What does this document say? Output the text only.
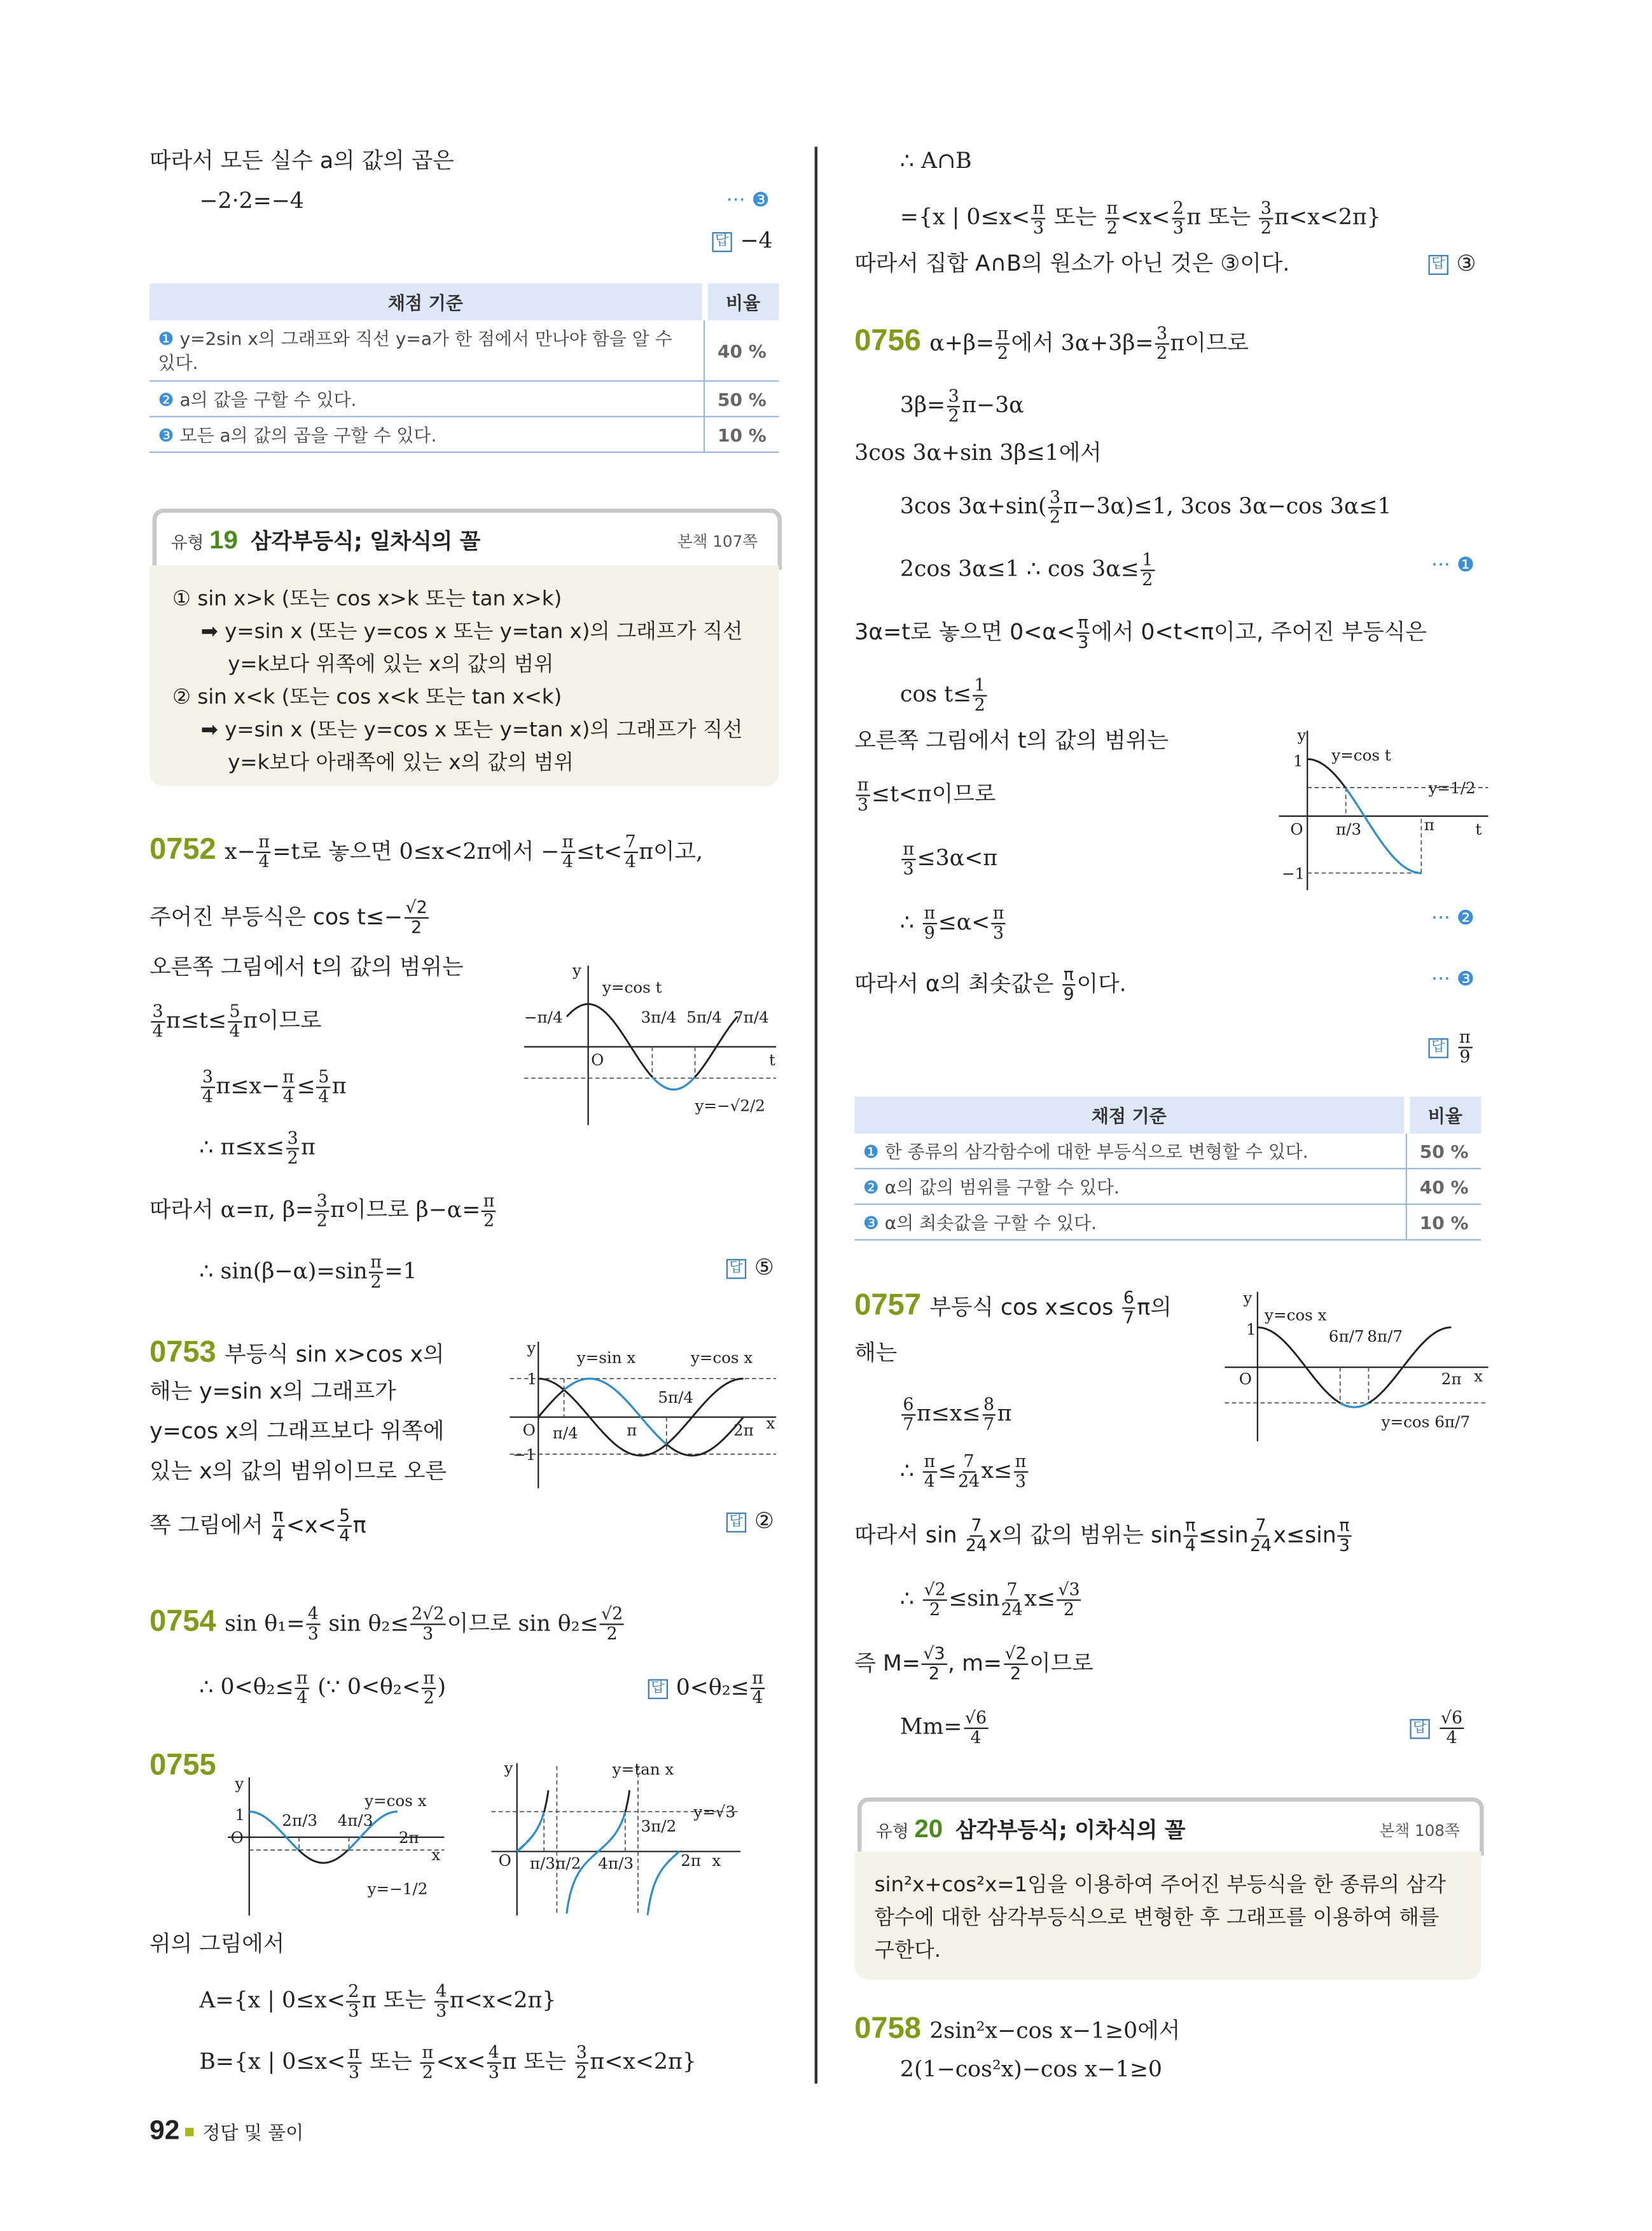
따라서 모든 실수 a의 값의 곱은
−2·2=−4	··· ❸
답 −4
채점 기준	비율
❶ y=2sin x의 그래프와 직선 y=a가 한 점에서 만나야 함을 알 수 있다.	40 %
❷ a의 값을 구할 수 있다.	50 %
❸ 모든 a의 값의 곱을 구할 수 있다.	10 %
유형 19 삼각부등식; 일차식의 꼴	본책 107쪽
① sin x>k (또는 cos x>k 또는 tan x>k)
➡ y=sin x (또는 y=cos x 또는 y=tan x)의 그래프가 직선
y=k보다 위쪽에 있는 x의 값의 범위
② sin x<k (또는 cos x<k 또는 tan x<k)
➡ y=sin x (또는 y=cos x 또는 y=tan x)의 그래프가 직선
y=k보다 아래쪽에 있는 x의 값의 범위
0752 $x- \frac{\pi}{4} =t$로 놓으면 0≤x<2π에서 − $\frac{\pi}{4} \le t< \frac{7}{4}$ π이고,
주어진 부등식은 $\cos t\le- \frac{√2}{2}$
오른쪽 그림에서 t의 값의 범위는
$\frac{3}{4} \pi\le t\le \frac{5}{4}$ π이므로
$\frac{3}{4} \pi\le x- \frac{\pi}{4} \le \frac{5}{4}$ π
∴ $\pi\le x\le \frac{3}{2}$ π
따라서 α=π, $\beta= \frac{3}{2}$ π이므로 $\beta-\alpha= \frac{\pi}{2}$
∴ $\sin(\beta-\alpha)=\sin \frac{\pi}{2} =1$	답 ⑤
0753 부등식 sin x>cos x의
해는 y=sin x의 그래프가
y=cos x의 그래프보다 위쪽에
있는 x의 값의 범위이므로 오른
쪽 그림에서 $\frac{\pi}{4} <x< \frac{5}{4}$ π	답 ②
0754 $\sin \theta_1= \frac{4}{3}$ $\sin \theta_2\le \frac{2√2}{3}$ 이므로 $\sin \theta_2\le \frac{√2}{2}$
∴ $0<\theta_2\le \frac{\pi}{4}$ (∵ $0<\theta_2< \frac{\pi}{2}$ )	답 $0<\theta_2\le \frac{\pi}{4}$
0755
위의 그림에서
A={x | $0\le x< \frac{2}{3}$ π 또는 $\frac{4}{3} \pi<x<2\pi$}
B={x | $0\le x< \frac{\pi}{3}$ 또는 $\frac{\pi}{2} <x< \frac{4}{3}$ π 또는 $\frac{3}{2} \pi<x<2\pi$}
92	정답 및 풀이
∴ A∩B
={x | $0\le x< \frac{\pi}{3}$ 또는 $\frac{\pi}{2} <x< \frac{2}{3}$ π 또는 $\frac{3}{2} \pi<x<2\pi$}
따라서 집합 A∩B의 원소가 아닌 것은 ③이다.	답 ③
0756 $\alpha+\beta= \frac{\pi}{2}$ 에서 $3\alpha+3\beta= \frac{3}{2}$ π이므로
$3\beta= \frac{3}{2} \pi-3\alpha$
3cos 3α+sin 3β≤1에서
3cos $3\alpha+\sin( \frac{3}{2} \pi-3\alpha)\le 1$, 3cos 3α−cos 3α≤1
2cos 3α≤1 ∴ $\cos 3\alpha\le \frac{1}{2}$	··· ❶
3α=t로 놓으면 $0<\alpha< \frac{\pi}{3}$ 에서 0<t<π이고, 주어진 부등식은
$\cos t\le \frac{1}{2}$
오른쪽 그림에서 t의 값의 범위는
$\frac{\pi}{3} \le t<\pi$이므로
$\frac{\pi}{3} \le 3\alpha<\pi$
∴ $\frac{\pi}{9} \le\alpha< \frac{\pi}{3}$	··· ❷
따라서 α의 최솟값은 $\frac{\pi}{9}$ 이다.	··· ❸
답 $\frac{\pi}{9}$
채점 기준	비율
❶ 한 종류의 삼각함수에 대한 부등식으로 변형할 수 있다.	50 %
❷ α의 값의 범위를 구할 수 있다.	40 %
❸ α의 최솟값을 구할 수 있다.	10 %
0757 부등식 $\cos x\le\cos \frac{6}{7}$ π의
해는
$\frac{6}{7} \pi\le x\le \frac{8}{7}$ π
∴ $\frac{\pi}{4} \le \frac{7}{24} x\le \frac{\pi}{3}$
따라서 $\sin \frac{7}{24}$ x의 값의 범위는 $\sin \frac{\pi}{4} \le\sin \frac{7}{24} x\le\sin \frac{\pi}{3}$
∴ $\frac{√2}{2} \le\sin \frac{7}{24} x\le \frac{√3}{2}$
즉 $M= \frac{√3}{2}$ , $m= \frac{√2}{2}$ 이므로
$Mm= \frac{√6}{4}$	답 $\frac{√6}{4}$
유형 20 삼각부등식; 이차식의 꼴	본책 108쪽
sin²x+cos²x=1임을 이용하여 주어진 부등식을 한 종류의 삼각
함수에 대한 삼각부등식으로 변형한 후 그래프를 이용하여 해를
구한다.
0758 2sin²x−cos x−1≥0에서
2(1−cos²x)−cos x−1≥0
y
y=cos t
−π/4	3π/4 5π/4 7π/4
O	t
y=−√2/2
y
y=sin x	y=cos x
1
−1
O π/4	π
5π/4
2π x
y
y=cos x
1
O
2π/3	4π/3
2π
x
y=−1/2
y	y=tan x
y=√3
O	π/3 π/2 4π/3
3π/2
2π x
y
y=cos t
1
y=1/2
O	π/3	π	t
−1
y
y=cos x
1
O
6π/7 8π/7
2π x
y=cos 6π/7
